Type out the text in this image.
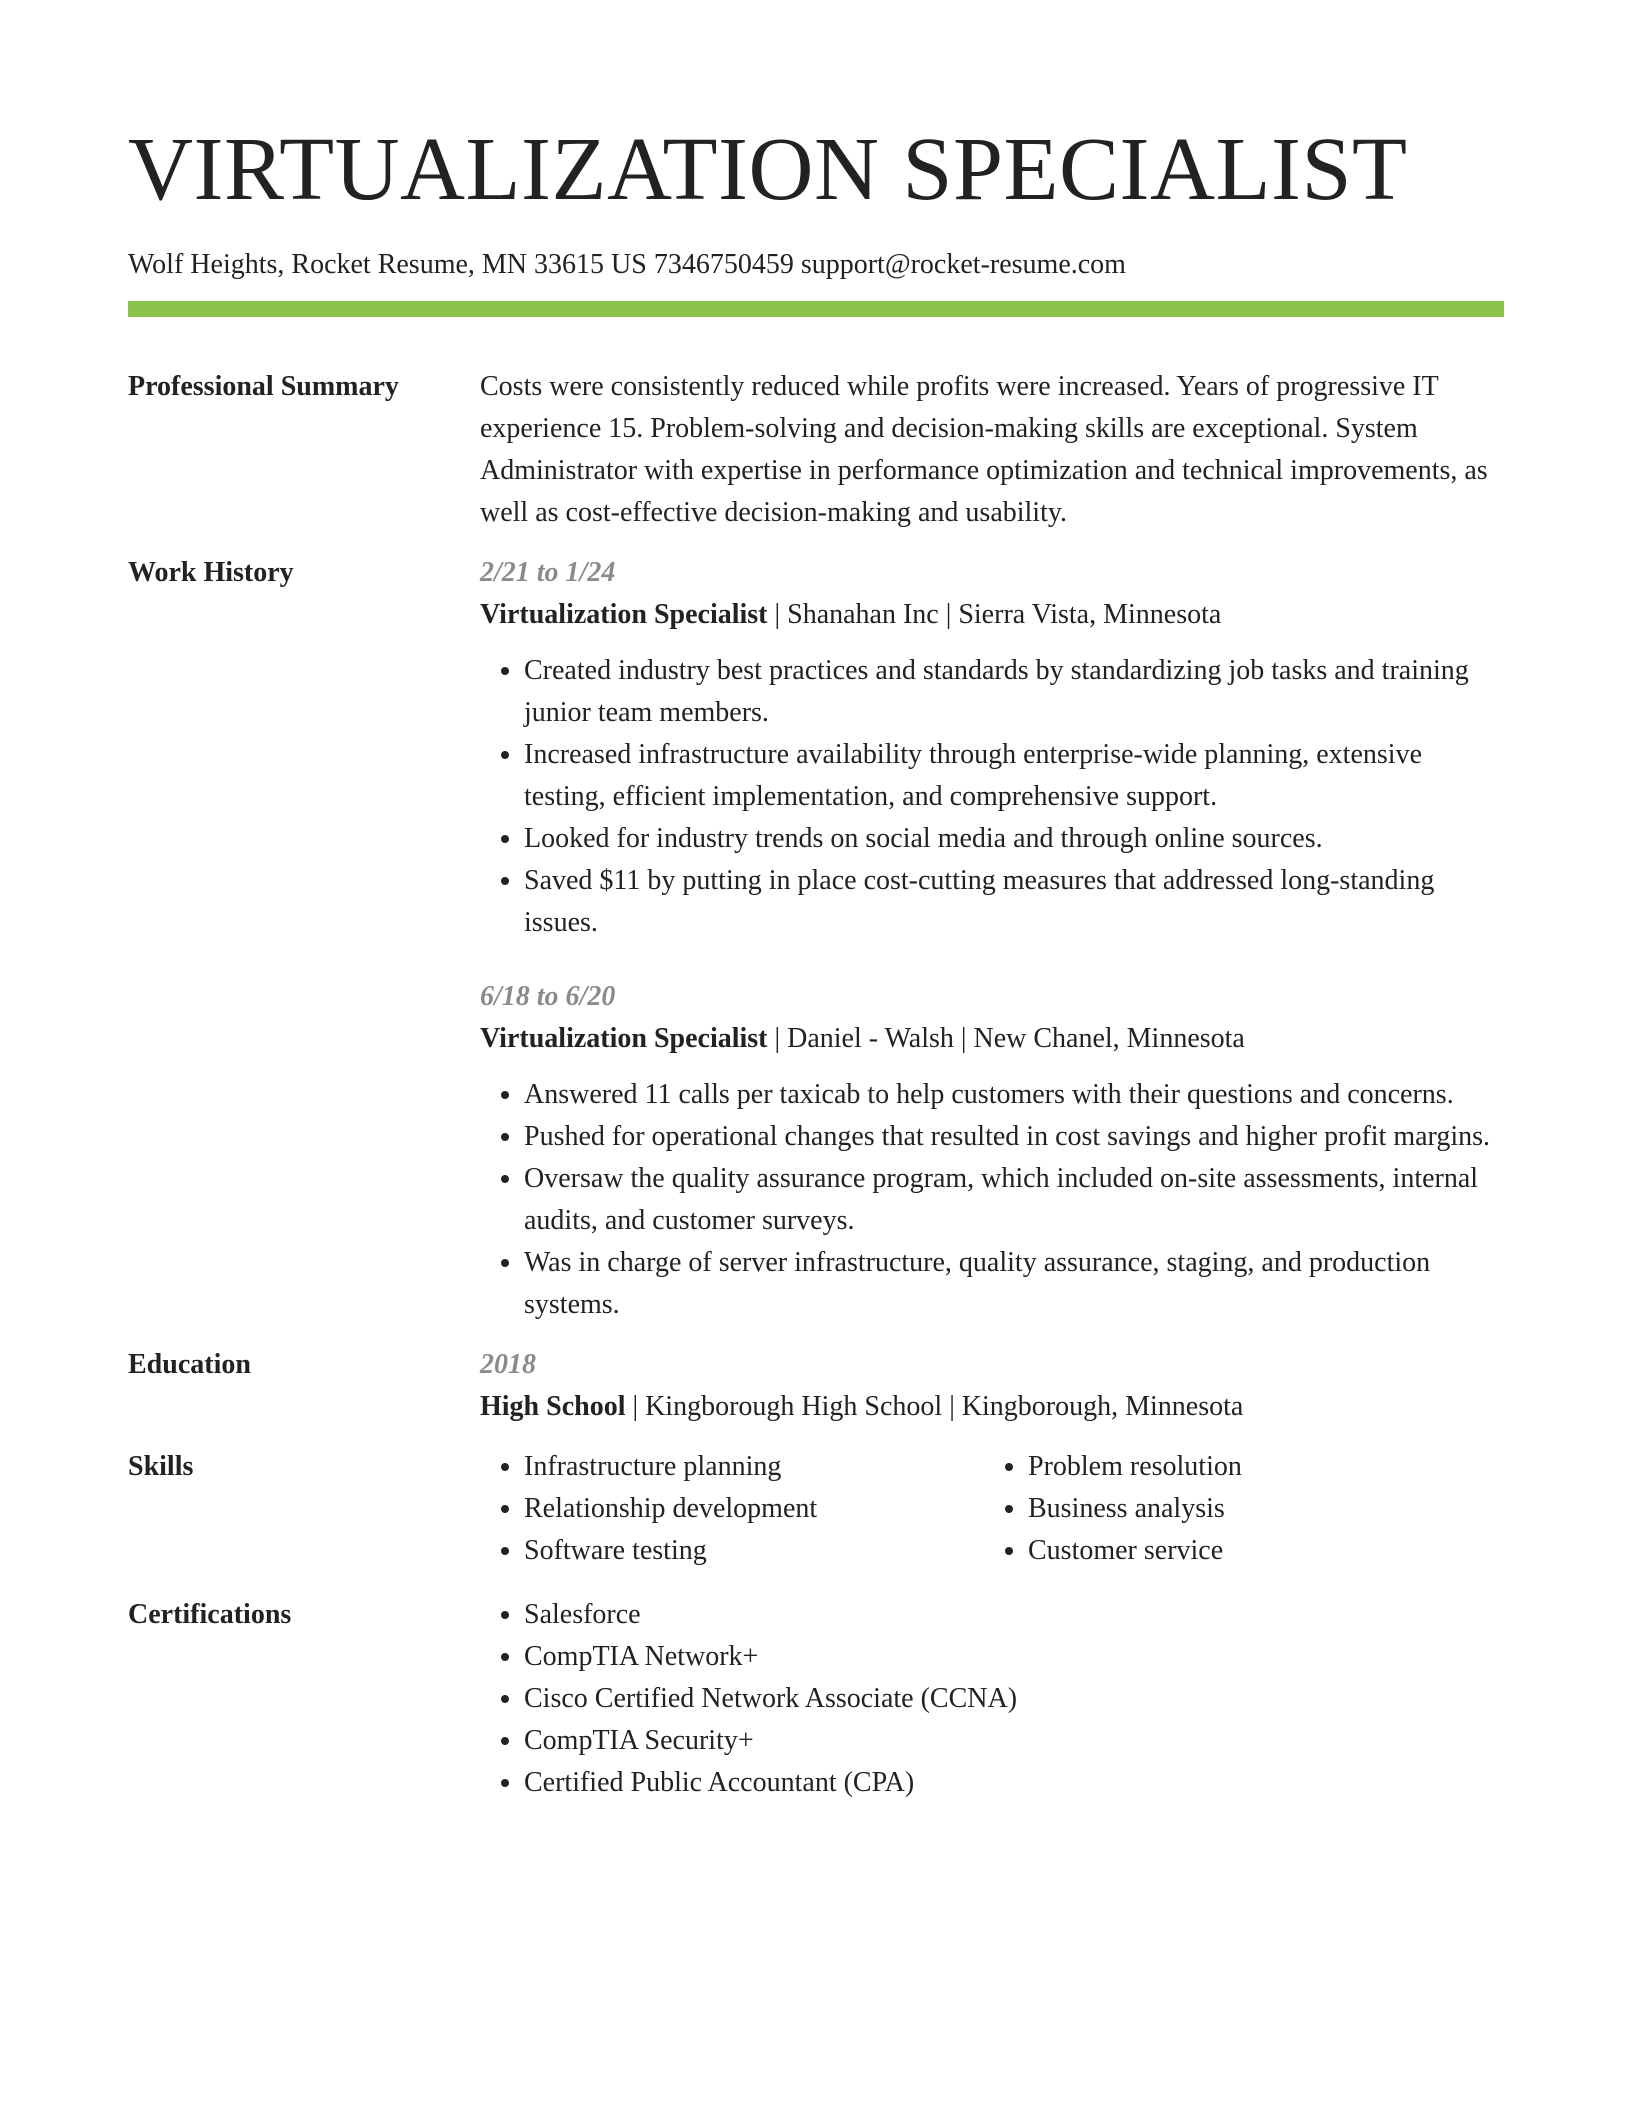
VIRTUALIZATION SPECIALIST
Wolf Heights, Rocket Resume, MN 33615 US 7346750459 support@rocket-resume.com
Professional Summary	Costs were consistently reduced while profits were increased. Years of progressive IT experience 15. Problem-solving and decision-making skills are exceptional. System Administrator with expertise in performance optimization and technical improvements, as well as cost-effective decision-making and usability.
Work History	2/21 to 1/24
Virtualization Specialist | Shanahan Inc | Sierra Vista, Minnesota
• Created industry best practices and standards by standardizing job tasks and training junior team members.
• Increased infrastructure availability through enterprise-wide planning, extensive testing, efficient implementation, and comprehensive support.
• Looked for industry trends on social media and through online sources.
• Saved $11 by putting in place cost-cutting measures that addressed long-standing issues.
6/18 to 6/20
Virtualization Specialist | Daniel - Walsh | New Chanel, Minnesota
• Answered 11 calls per taxicab to help customers with their questions and concerns.
• Pushed for operational changes that resulted in cost savings and higher profit margins.
• Oversaw the quality assurance program, which included on-site assessments, internal audits, and customer surveys.
• Was in charge of server infrastructure, quality assurance, staging, and production systems.
Education	2018
High School | Kingborough High School | Kingborough, Minnesota
Skills	• Infrastructure planning
• Relationship development
• Software testing
• Problem resolution
• Business analysis
• Customer service
Certifications	• Salesforce
• CompTIA Network+
• Cisco Certified Network Associate (CCNA)
• CompTIA Security+
• Certified Public Accountant (CPA)
